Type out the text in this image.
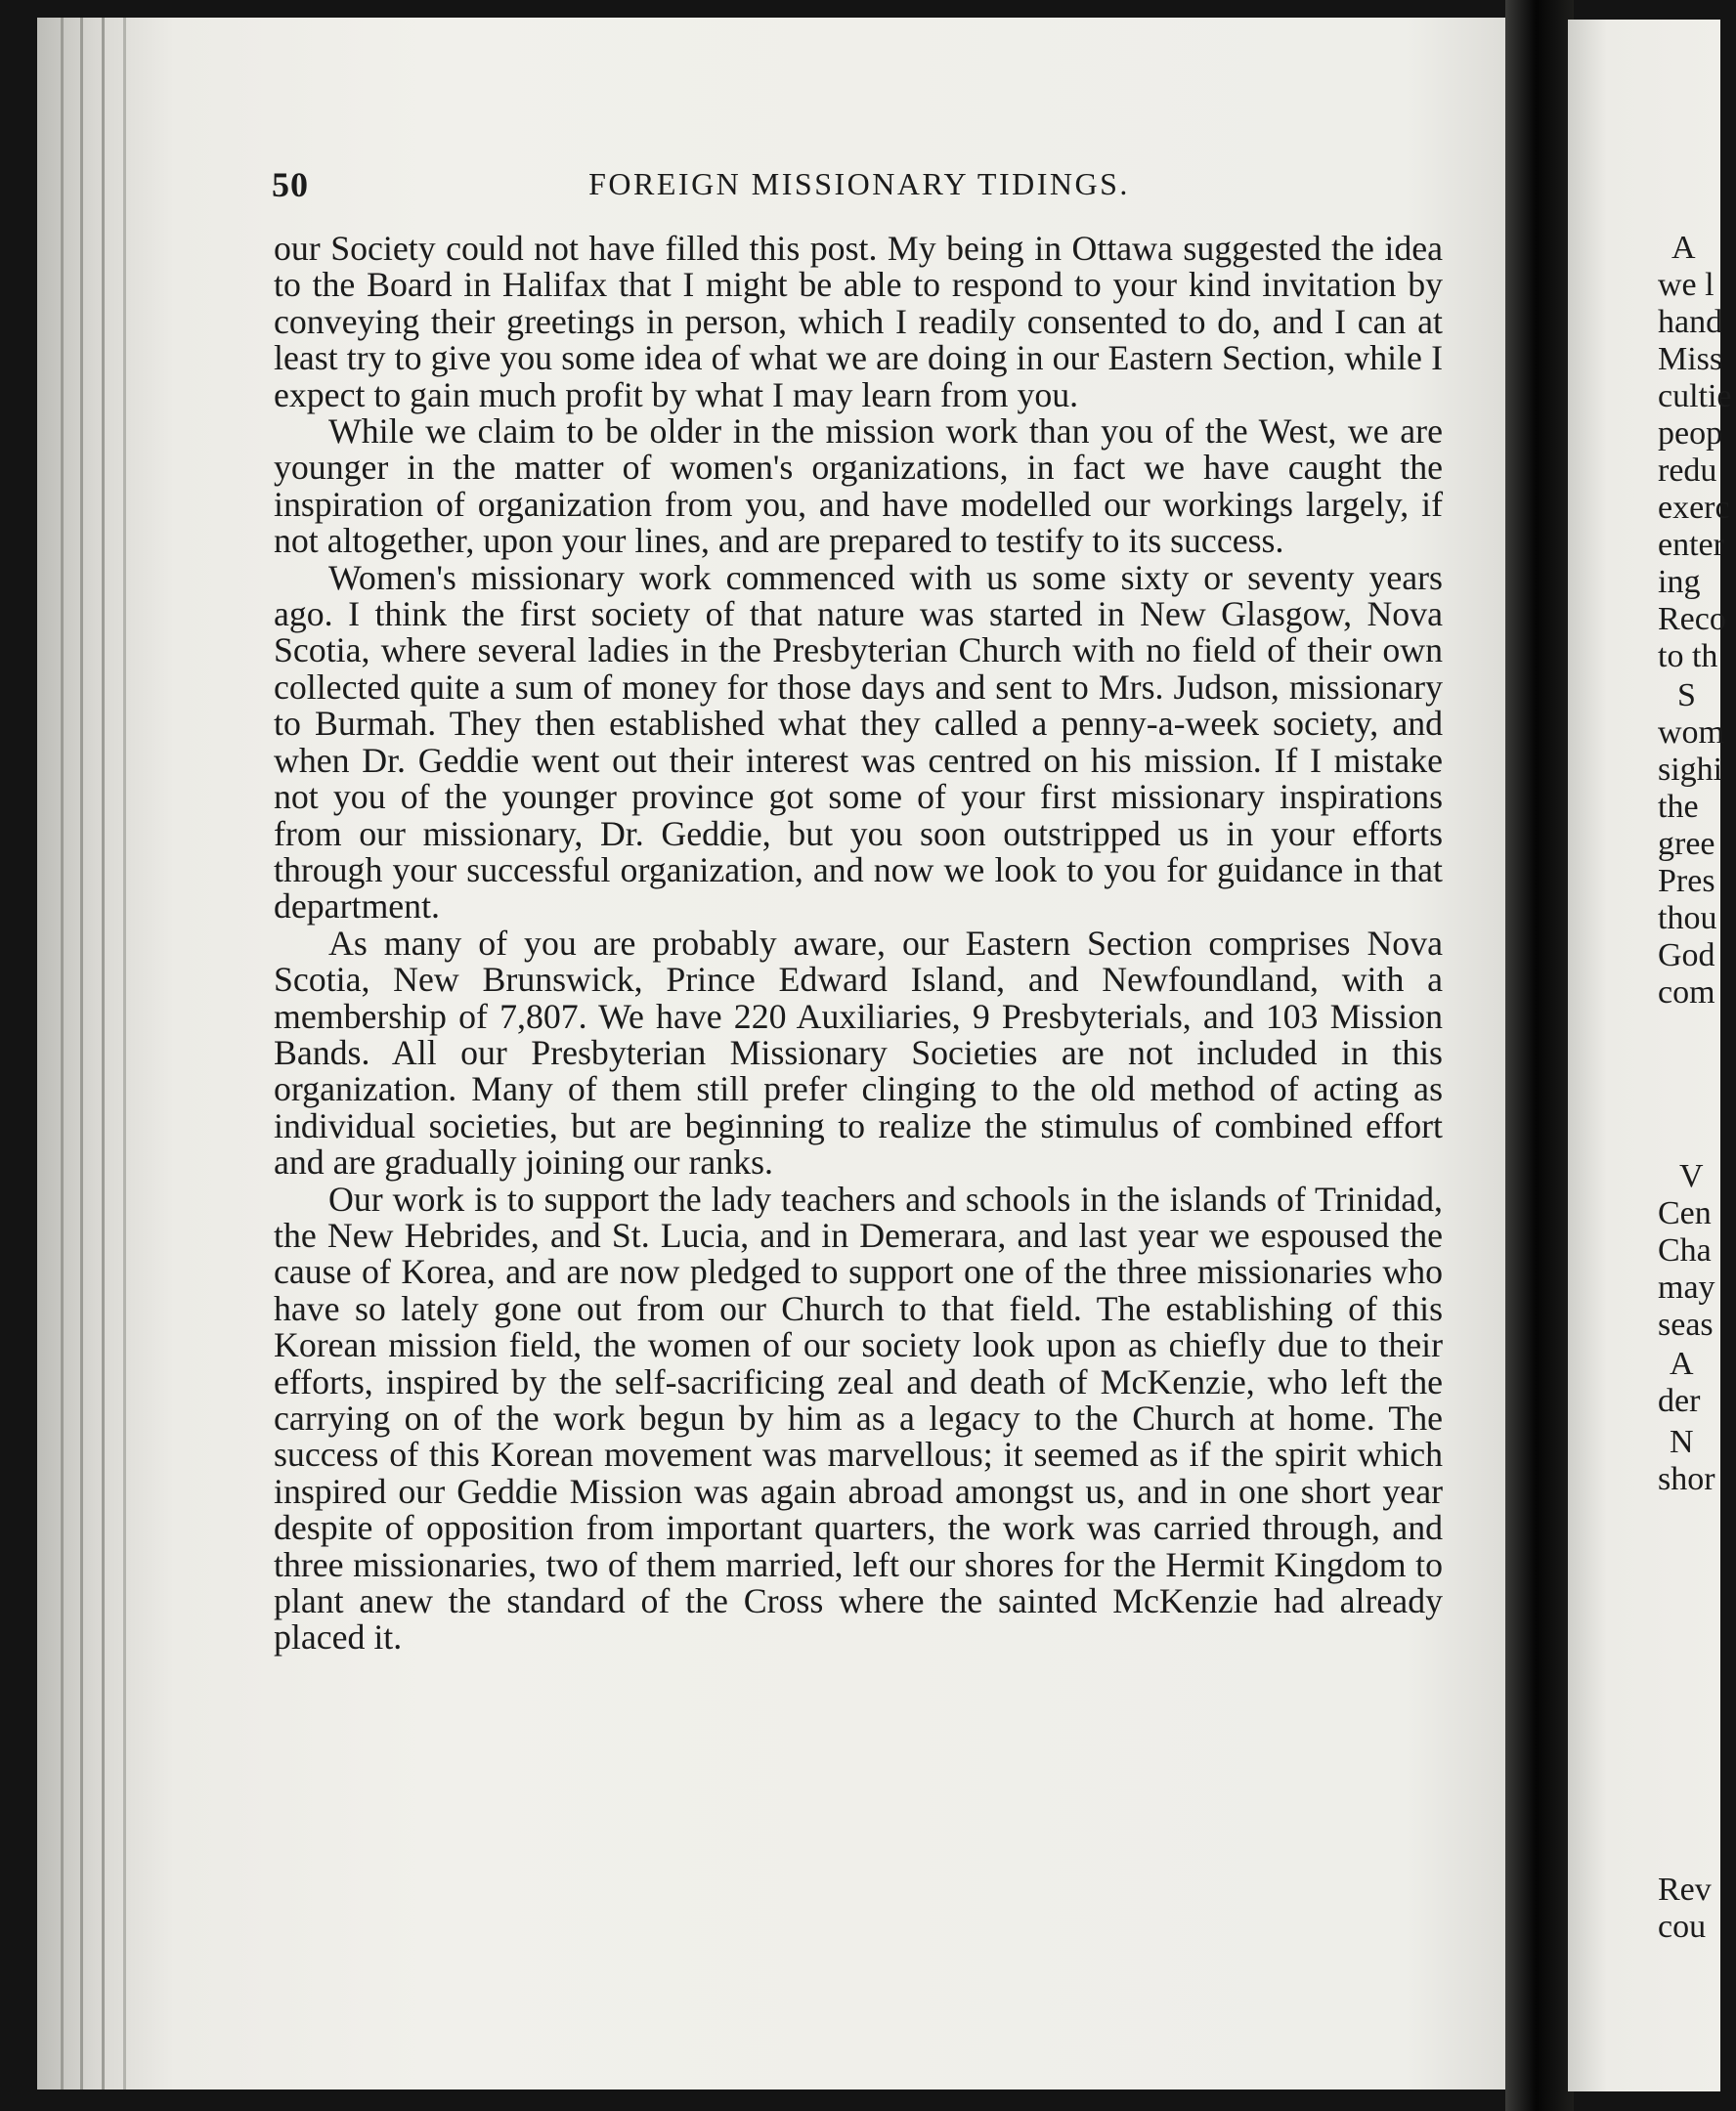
50	FOREIGN MISSIONARY TIDINGS.

our Society could not have filled this post. My being in Ottawa suggested the idea to the Board in Halifax that I might be able to respond to your kind invitation by conveying their greetings in person, which I readily consented to do, and I can at least try to give you some idea of what we are doing in our Eastern Section, while I expect to gain much profit by what I may learn from you.

While we claim to be older in the mission work than you of the West, we are younger in the matter of women's organizations, in fact we have caught the inspiration of organization from you, and have modelled our workings largely, if not altogether, upon your lines, and are prepared to testify to its success.

Women's missionary work commenced with us some sixty or seventy years ago. I think the first society of that nature was started in New Glasgow, Nova Scotia, where several ladies in the Presbyterian Church with no field of their own collected quite a sum of money for those days and sent to Mrs. Judson, missionary to Burmah. They then established what they called a penny-a-week society, and when Dr. Geddie went out their interest was centred on his mission. If I mistake not you of the younger province got some of your first missionary inspirations from our missionary, Dr. Geddie, but you soon outstripped us in your efforts through your successful organization, and now we look to you for guidance in that department.

As many of you are probably aware, our Eastern Section comprises Nova Scotia, New Brunswick, Prince Edward Island, and Newfoundland, with a membership of 7,807. We have 220 Auxiliaries, 9 Presbyterials, and 103 Mission Bands. All our Presbyterian Missionary Societies are not included in this organization. Many of them still prefer clinging to the old method of acting as individual societies, but are beginning to realize the stimulus of combined effort and are gradually joining our ranks.

Our work is to support the lady teachers and schools in the islands of Trinidad, the New Hebrides, and St. Lucia, and in Demerara, and last year we espoused the cause of Korea, and are now pledged to support one of the three missionaries who have so lately gone out from our Church to that field. The establishing of this Korean mission field, the women of our society look upon as chiefly due to their efforts, inspired by the self-sacrificing zeal and death of McKenzie, who left the carrying on of the work begun by him as a legacy to the Church at home. The success of this Korean movement was marvellous; it seemed as if the spirit which inspired our Geddie Mission was again abroad amongst us, and in one short year despite of opposition from important quarters, the work was carried through, and three missionaries, two of them married, left our shores for the Hermit Kingdom to plant anew the standard of the Cross where the sainted McKenzie had already placed it.

A
we l
hand
Miss
cultie
peop
redu
exerc
enter
ing
Reco
to th
S
wom
sighi
the
gree
Pres
thou
God
com
V
Cen
Cha
may
seas
A
der
N
shor
Rev
cou
